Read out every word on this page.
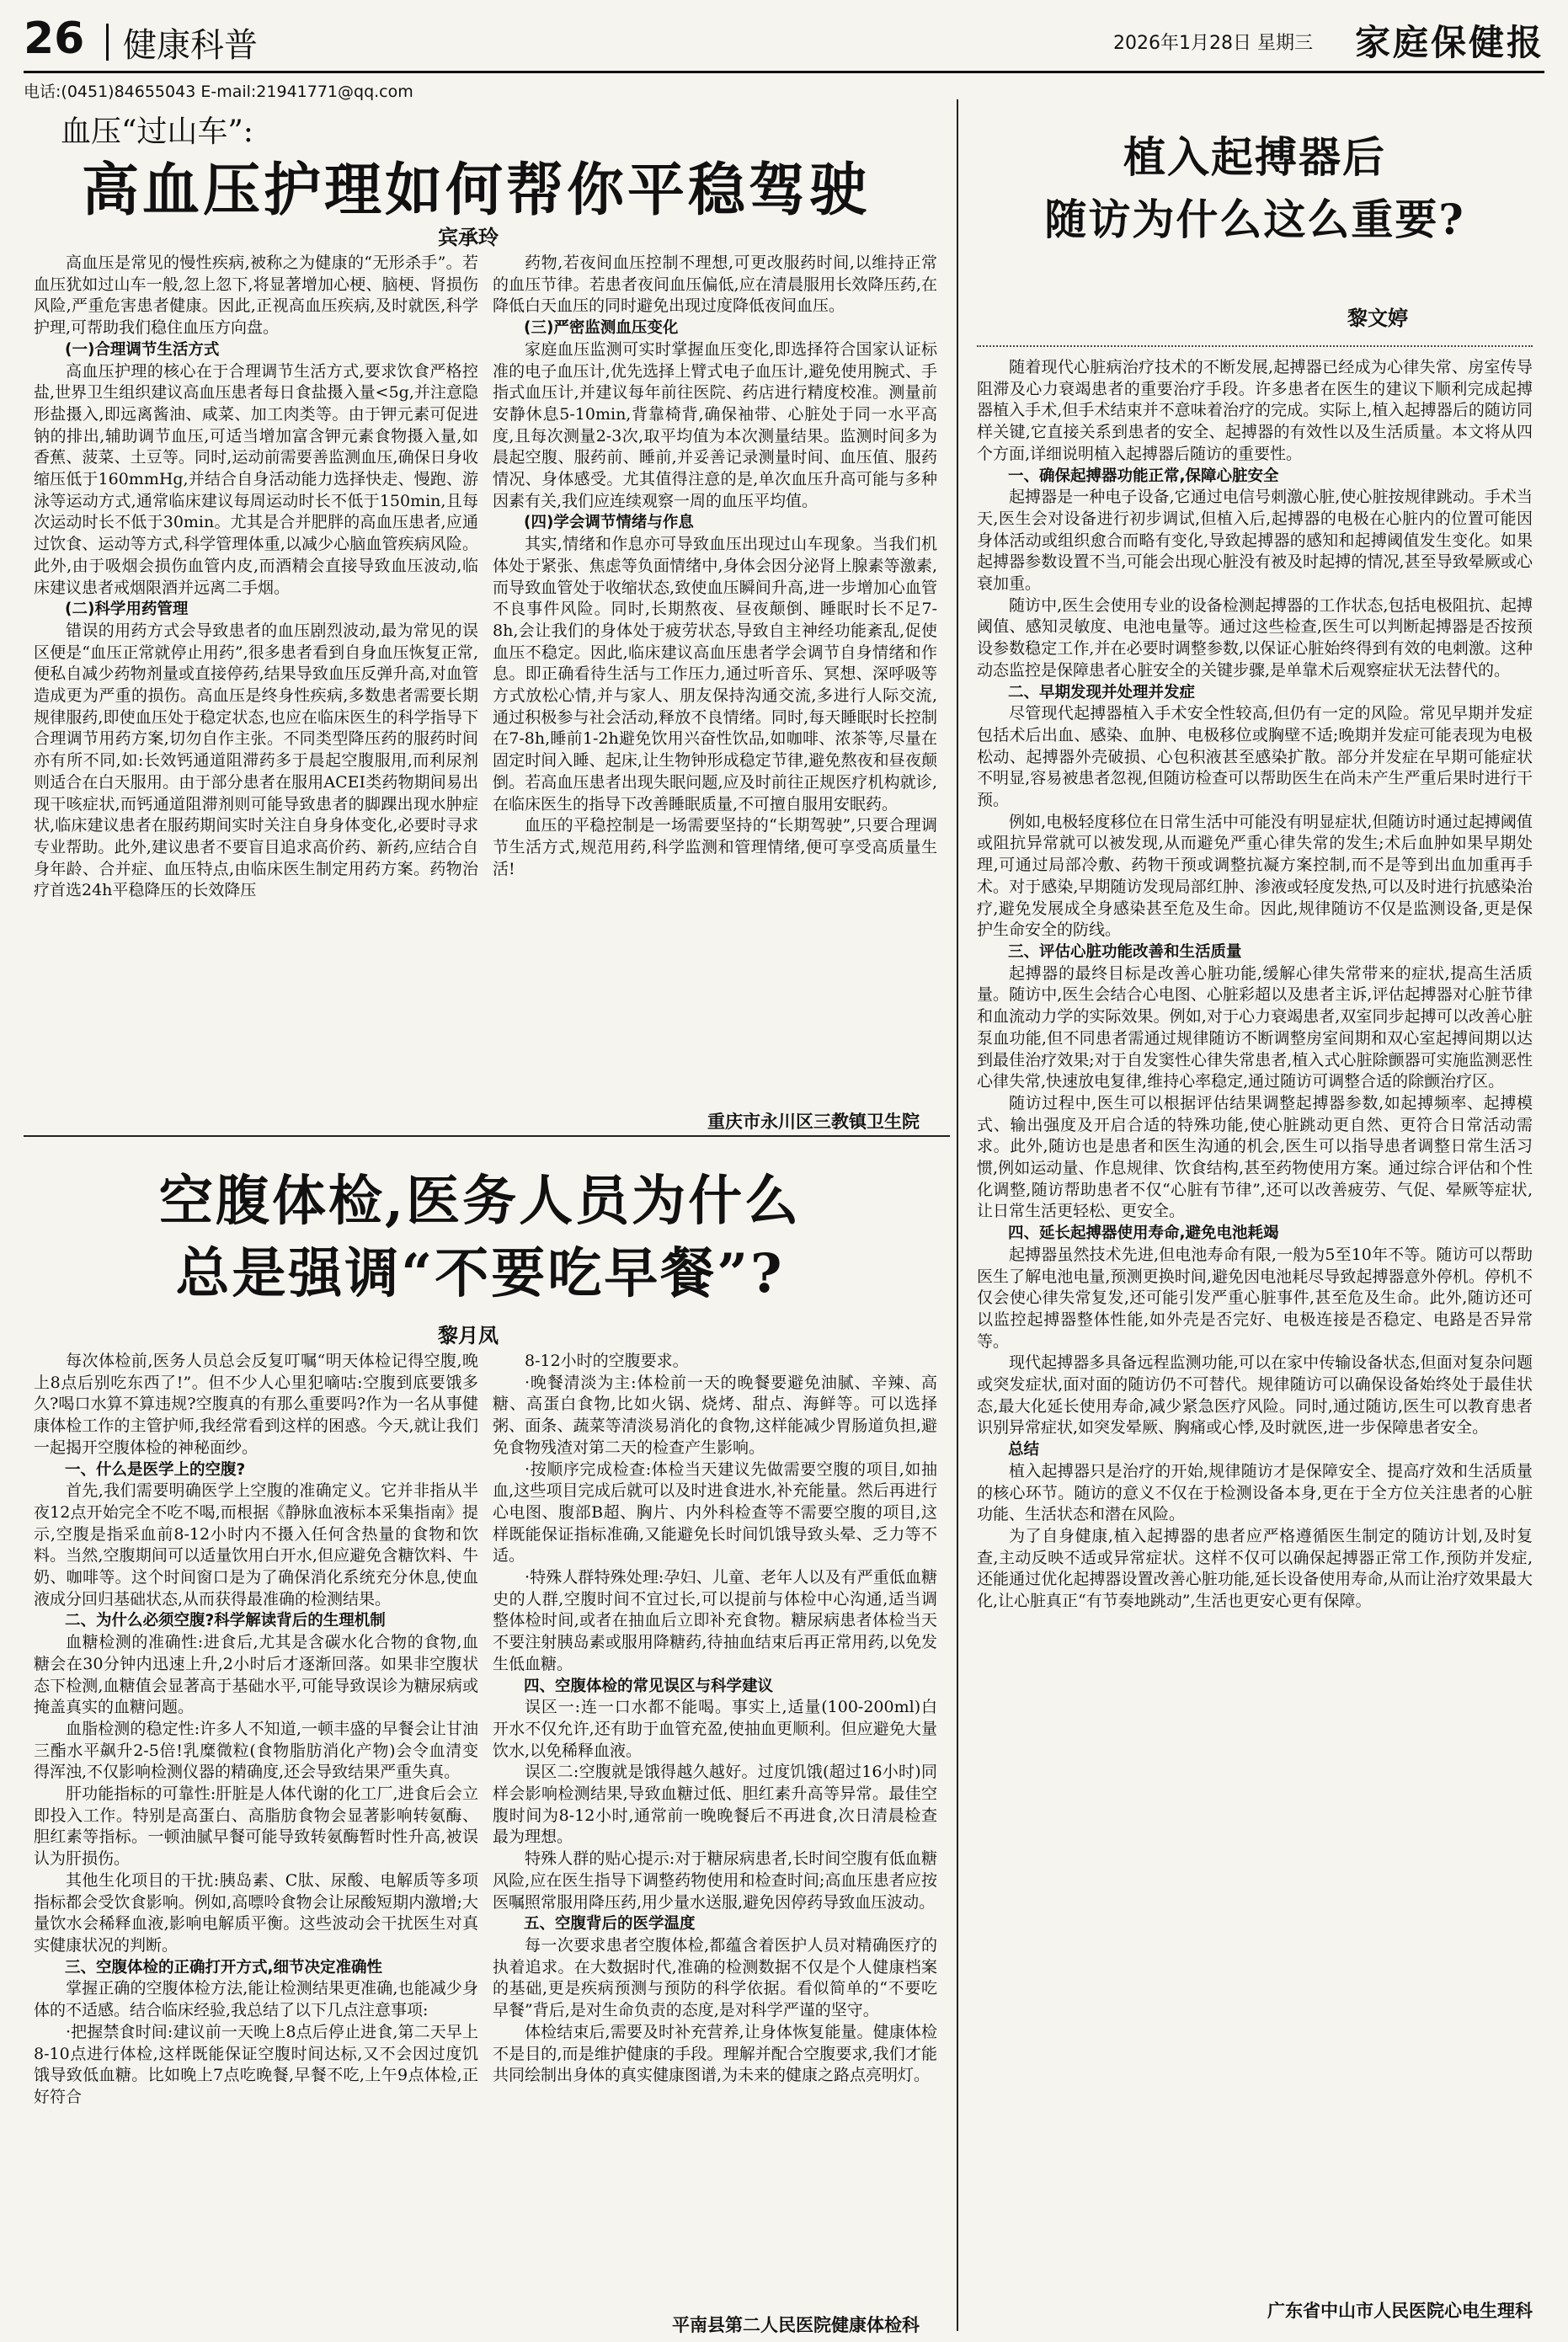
26 健康科普	2026年1月28日 星期三 家庭保健报
电话:(0451)84655043 E-mail:21941771@qq.com
血压“过山车”:
高血压护理如何帮你平稳驾驶
宾承玲

高血压是常见的慢性疾病,被称之为健康的“无形杀手”。若血压犹如过山车一般,忽上忽下,将显著增加心梗、脑梗、肾损伤风险,严重危害患者健康。因此,正视高血压疾病,及时就医,科学护理,可帮助我们稳住血压方向盘。

(一)合理调节生活方式

高血压护理的核心在于合理调节生活方式,要求饮食严格控盐,世界卫生组织建议高血压患者每日食盐摄入量<5g,并注意隐形盐摄入,即远离酱油、咸菜、加工肉类等。由于钾元素可促进钠的排出,辅助调节血压,可适当增加富含钾元素食物摄入量,如香蕉、菠菜、土豆等。同时,运动前需要善监测血压,确保日身收缩压低于160mmHg,并结合自身活动能力选择快走、慢跑、游泳等运动方式,通常临床建议每周运动时长不低于150min,且每次运动时长不低于30min。尤其是合并肥胖的高血压患者,应通过饮食、运动等方式,科学管理体重,以减少心脑血管疾病风险。此外,由于吸烟会损伤血管内皮,而酒精会直接导致血压波动,临床建议患者戒烟限酒并远离二手烟。

(二)科学用药管理

错误的用药方式会导致患者的血压剧烈波动,最为常见的误区便是“血压正常就停止用药”,很多患者看到自身血压恢复正常,便私自减少药物剂量或直接停药,结果导致血压反弹升高,对血管造成更为严重的损伤。高血压是终身性疾病,多数患者需要长期规律服药,即使血压处于稳定状态,也应在临床医生的科学指导下合理调节用药方案,切勿自作主张。不同类型降压药的服药时间亦有所不同,如:长效钙通道阻滞药多于晨起空腹服用,而利尿剂则适合在白天服用。由于部分患者在服用ACEI类药物期间易出现干咳症状,而钙通道阻滞剂则可能导致患者的脚踝出现水肿症状,临床建议患者在服药期间实时关注自身身体变化,必要时寻求专业帮助。此外,建议患者不要盲目追求高价药、新药,应结合自身年龄、合并症、血压特点,由临床医生制定用药方案。药物治疗首选24h平稳降压的长效降压

药物,若夜间血压控制不理想,可更改服药时间,以维持正常的血压节律。若患者夜间血压偏低,应在清晨服用长效降压药,在降低白天血压的同时避免出现过度降低夜间血压。

(三)严密监测血压变化

家庭血压监测可实时掌握血压变化,即选择符合国家认证标准的电子血压计,优先选择上臂式电子血压计,避免使用腕式、手指式血压计,并建议每年前往医院、药店进行精度校准。测量前安静休息5-10min,背靠椅背,确保袖带、心脏处于同一水平高度,且每次测量2-3次,取平均值为本次测量结果。监测时间多为晨起空腹、服药前、睡前,并妥善记录测量时间、血压值、服药情况、身体感受。尤其值得注意的是,单次血压升高可能与多种因素有关,我们应连续观察一周的血压平均值。

(四)学会调节情绪与作息

其实,情绪和作息亦可导致血压出现过山车现象。当我们机体处于紧张、焦虑等负面情绪中,身体会因分泌肾上腺素等激素,而导致血管处于收缩状态,致使血压瞬间升高,进一步增加心血管不良事件风险。同时,长期熬夜、昼夜颠倒、睡眠时长不足7-8h,会让我们的身体处于疲劳状态,导致自主神经功能紊乱,促使血压不稳定。因此,临床建议高血压患者学会调节自身情绪和作息。即正确看待生活与工作压力,通过听音乐、冥想、深呼吸等方式放松心情,并与家人、朋友保持沟通交流,多进行人际交流,通过积极参与社会活动,释放不良情绪。同时,每天睡眠时长控制在7-8h,睡前1-2h避免饮用兴奋性饮品,如咖啡、浓茶等,尽量在固定时间入睡、起床,让生物钟形成稳定节律,避免熬夜和昼夜颠倒。若高血压患者出现失眠问题,应及时前往正规医疗机构就诊,在临床医生的指导下改善睡眠质量,不可擅自服用安眠药。

血压的平稳控制是一场需要坚持的“长期驾驶”,只要合理调节生活方式,规范用药,科学监测和管理情绪,便可享受高质量生活!

重庆市永川区三教镇卫生院
空腹体检,医务人员为什么
总是强调“不要吃早餐”?
黎月凤

每次体检前,医务人员总会反复叮嘱“明天体检记得空腹,晚上8点后别吃东西了!”。但不少人心里犯嘀咕:空腹到底要饿多久?喝口水算不算违规?空腹真的有那么重要吗?作为一名从事健康体检工作的主管护师,我经常看到这样的困惑。今天,就让我们一起揭开空腹体检的神秘面纱。

一、什么是医学上的空腹?

首先,我们需要明确医学上空腹的准确定义。它并非指从半夜12点开始完全不吃不喝,而根据《静脉血液标本采集指南》提示,空腹是指采血前8-12小时内不摄入任何含热量的食物和饮料。当然,空腹期间可以适量饮用白开水,但应避免含糖饮料、牛奶、咖啡等。这个时间窗口是为了确保消化系统充分休息,使血液成分回归基础状态,从而获得最准确的检测结果。

二、为什么必须空腹?科学解读背后的生理机制

血糖检测的准确性:进食后,尤其是含碳水化合物的食物,血糖会在30分钟内迅速上升,2小时后才逐渐回落。如果非空腹状态下检测,血糖值会显著高于基础水平,可能导致误诊为糖尿病或掩盖真实的血糖问题。

血脂检测的稳定性:许多人不知道,一顿丰盛的早餐会让甘油三酯水平飙升2-5倍!乳糜微粒(食物脂肪消化产物)会令血清变得浑浊,不仅影响检测仪器的精确度,还会导致结果严重失真。

肝功能指标的可靠性:肝脏是人体代谢的化工厂,进食后会立即投入工作。特别是高蛋白、高脂肪食物会显著影响转氨酶、胆红素等指标。一顿油腻早餐可能导致转氨酶暂时性升高,被误认为肝损伤。

其他生化项目的干扰:胰岛素、C肽、尿酸、电解质等多项指标都会受饮食影响。例如,高嘌呤食物会让尿酸短期内激增;大量饮水会稀释血液,影响电解质平衡。这些波动会干扰医生对真实健康状况的判断。

三、空腹体检的正确打开方式,细节决定准确性

掌握正确的空腹体检方法,能让检测结果更准确,也能减少身体的不适感。结合临床经验,我总结了以下几点注意事项:

·把握禁食时间:建议前一天晚上8点后停止进食,第二天早上8-10点进行体检,这样既能保证空腹时间达标,又不会因过度饥饿导致低血糖。比如晚上7点吃晚餐,早餐不吃,上午9点体检,正好符合

8-12小时的空腹要求。

·晚餐清淡为主:体检前一天的晚餐要避免油腻、辛辣、高糖、高蛋白食物,比如火锅、烧烤、甜点、海鲜等。可以选择粥、面条、蔬菜等清淡易消化的食物,这样能减少胃肠道负担,避免食物残渣对第二天的检查产生影响。

·按顺序完成检查:体检当天建议先做需要空腹的项目,如抽血,这些项目完成后就可以及时进食进水,补充能量。然后再进行心电图、腹部B超、胸片、内外科检查等不需要空腹的项目,这样既能保证指标准确,又能避免长时间饥饿导致头晕、乏力等不适。

·特殊人群特殊处理:孕妇、儿童、老年人以及有严重低血糖史的人群,空腹时间不宜过长,可以提前与体检中心沟通,适当调整体检时间,或者在抽血后立即补充食物。糖尿病患者体检当天不要注射胰岛素或服用降糖药,待抽血结束后再正常用药,以免发生低血糖。

四、空腹体检的常见误区与科学建议

误区一:连一口水都不能喝。事实上,适量(100-200ml)白开水不仅允许,还有助于血管充盈,使抽血更顺利。但应避免大量饮水,以免稀释血液。

误区二:空腹就是饿得越久越好。过度饥饿(超过16小时)同样会影响检测结果,导致血糖过低、胆红素升高等异常。最佳空腹时间为8-12小时,通常前一晚晚餐后不再进食,次日清晨检查最为理想。

特殊人群的贴心提示:对于糖尿病患者,长时间空腹有低血糖风险,应在医生指导下调整药物使用和检查时间;高血压患者应按医嘱照常服用降压药,用少量水送服,避免因停药导致血压波动。

五、空腹背后的医学温度

每一次要求患者空腹体检,都蕴含着医护人员对精确医疗的执着追求。在大数据时代,准确的检测数据不仅是个人健康档案的基础,更是疾病预测与预防的科学依据。看似简单的“不要吃早餐”背后,是对生命负责的态度,是对科学严谨的坚守。

体检结束后,需要及时补充营养,让身体恢复能量。健康体检不是目的,而是维护健康的手段。理解并配合空腹要求,我们才能共同绘制出身体的真实健康图谱,为未来的健康之路点亮明灯。

平南县第二人民医院健康体检科
植入起搏器后
随访为什么这么重要?
黎文婷

随着现代心脏病治疗技术的不断发展,起搏器已经成为心律失常、房室传导阻滞及心力衰竭患者的重要治疗手段。许多患者在医生的建议下顺利完成起搏器植入手术,但手术结束并不意味着治疗的完成。实际上,植入起搏器后的随访同样关键,它直接关系到患者的安全、起搏器的有效性以及生活质量。本文将从四个方面,详细说明植入起搏器后随访的重要性。

一、确保起搏器功能正常,保障心脏安全

起搏器是一种电子设备,它通过电信号刺激心脏,使心脏按规律跳动。手术当天,医生会对设备进行初步调试,但植入后,起搏器的电极在心脏内的位置可能因身体活动或组织愈合而略有变化,导致起搏器的感知和起搏阈值发生变化。如果起搏器参数设置不当,可能会出现心脏没有被及时起搏的情况,甚至导致晕厥或心衰加重。

随访中,医生会使用专业的设备检测起搏器的工作状态,包括电极阻抗、起搏阈值、感知灵敏度、电池电量等。通过这些检查,医生可以判断起搏器是否按预设参数稳定工作,并在必要时调整参数,以保证心脏始终得到有效的电刺激。这种动态监控是保障患者心脏安全的关键步骤,是单靠术后观察症状无法替代的。

二、早期发现并处理并发症

尽管现代起搏器植入手术安全性较高,但仍有一定的风险。常见早期并发症包括术后出血、感染、血肿、电极移位或胸壁不适;晚期并发症可能表现为电极松动、起搏器外壳破损、心包积液甚至感染扩散。部分并发症在早期可能症状不明显,容易被患者忽视,但随访检查可以帮助医生在尚未产生严重后果时进行干预。

例如,电极轻度移位在日常生活中可能没有明显症状,但随访时通过起搏阈值或阻抗异常就可以被发现,从而避免严重心律失常的发生;术后血肿如果早期处理,可通过局部冷敷、药物干预或调整抗凝方案控制,而不是等到出血加重再手术。对于感染,早期随访发现局部红肿、渗液或轻度发热,可以及时进行抗感染治疗,避免发展成全身感染甚至危及生命。因此,规律随访不仅是监测设备,更是保护生命安全的防线。

三、评估心脏功能改善和生活质量

起搏器的最终目标是改善心脏功能,缓解心律失常带来的症状,提高生活质量。随访中,医生会结合心电图、心脏彩超以及患者主诉,评估起搏器对心脏节律和血流动力学的实际效果。例如,对于心力衰竭患者,双室同步起搏可以改善心脏泵血功能,但不同患者需通过规律随访不断调整房室间期和双心室起搏间期以达到最佳治疗效果;对于自发窦性心律失常患者,植入式心脏除颤器可实施监测恶性心律失常,快速放电复律,维持心率稳定,通过随访可调整合适的除颤治疗区。

随访过程中,医生可以根据评估结果调整起搏器参数,如起搏频率、起搏模式、输出强度及开启合适的特殊功能,使心脏跳动更自然、更符合日常活动需求。此外,随访也是患者和医生沟通的机会,医生可以指导患者调整日常生活习惯,例如运动量、作息规律、饮食结构,甚至药物使用方案。通过综合评估和个性化调整,随访帮助患者不仅“心脏有节律”,还可以改善疲劳、气促、晕厥等症状,让日常生活更轻松、更安全。

四、延长起搏器使用寿命,避免电池耗竭

起搏器虽然技术先进,但电池寿命有限,一般为5至10年不等。随访可以帮助医生了解电池电量,预测更换时间,避免因电池耗尽导致起搏器意外停机。停机不仅会使心律失常复发,还可能引发严重心脏事件,甚至危及生命。此外,随访还可以监控起搏器整体性能,如外壳是否完好、电极连接是否稳定、电路是否异常等。

现代起搏器多具备远程监测功能,可以在家中传输设备状态,但面对复杂问题或突发症状,面对面的随访仍不可替代。规律随访可以确保设备始终处于最佳状态,最大化延长使用寿命,减少紧急医疗风险。同时,通过随访,医生可以教育患者识别异常症状,如突发晕厥、胸痛或心悸,及时就医,进一步保障患者安全。

总结

植入起搏器只是治疗的开始,规律随访才是保障安全、提高疗效和生活质量的核心环节。随访的意义不仅在于检测设备本身,更在于全方位关注患者的心脏功能、生活状态和潜在风险。

为了自身健康,植入起搏器的患者应严格遵循医生制定的随访计划,及时复查,主动反映不适或异常症状。这样不仅可以确保起搏器正常工作,预防并发症,还能通过优化起搏器设置改善心脏功能,延长设备使用寿命,从而让治疗效果最大化,让心脏真正“有节奏地跳动”,生活也更安心更有保障。

广东省中山市人民医院心电生理科
